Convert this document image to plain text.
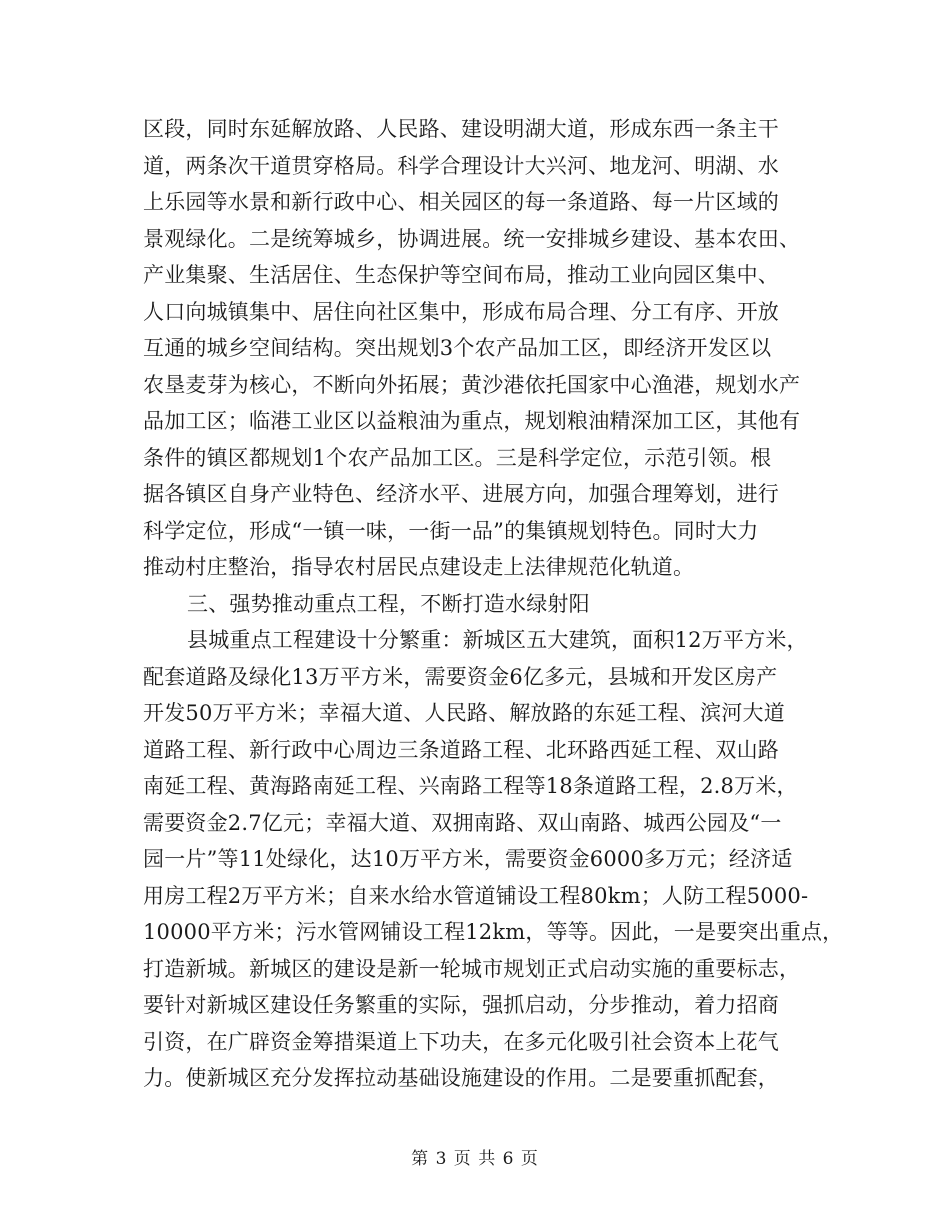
区段，同时东延解放路、人民路、建设明湖大道，形成东西一条主干
道，两条次干道贯穿格局。科学合理设计大兴河、地龙河、明湖、水
上乐园等水景和新行政中心、相关园区的每一条道路、每一片区域的
景观绿化。二是统筹城乡，协调进展。统一安排城乡建设、基本农田、
产业集聚、生活居住、生态保护等空间布局，推动工业向园区集中、
人口向城镇集中、居住向社区集中，形成布局合理、分工有序、开放
互通的城乡空间结构。突出规划3个农产品加工区，即经济开发区以
农垦麦芽为核心，不断向外拓展；黄沙港依托国家中心渔港，规划水产
品加工区；临港工业区以益粮油为重点，规划粮油精深加工区，其他有
条件的镇区都规划1个农产品加工区。三是科学定位，示范引领。根
据各镇区自身产业特色、经济水平、进展方向，加强合理筹划，进行
科学定位，形成“一镇一味，一街一品”的集镇规划特色。同时大力
推动村庄整治，指导农村居民点建设走上法律规范化轨道。
三、强势推动重点工程，不断打造水绿射阳
县城重点工程建设十分繁重：新城区五大建筑，面积12万平方米，
配套道路及绿化13万平方米，需要资金6亿多元，县城和开发区房产
开发50万平方米；幸福大道、人民路、解放路的东延工程、滨河大道
道路工程、新行政中心周边三条道路工程、北环路西延工程、双山路
南延工程、黄海路南延工程、兴南路工程等18条道路工程，2.8万米，
需要资金2.7亿元；幸福大道、双拥南路、双山南路、城西公园及“一
园一片”等11处绿化，达10万平方米，需要资金6000多万元；经济适
用房工程2万平方米；自来水给水管道铺设工程80km；人防工程5000-
10000平方米；污水管网铺设工程12km，等等。因此，一是要突出重点，
打造新城。新城区的建设是新一轮城市规划正式启动实施的重要标志，
要针对新城区建设任务繁重的实际，强抓启动，分步推动，着力招商
引资，在广辟资金筹措渠道上下功夫，在多元化吸引社会资本上花气
力。使新城区充分发挥拉动基础设施建设的作用。二是要重抓配套，
第 3 页 共 6 页
